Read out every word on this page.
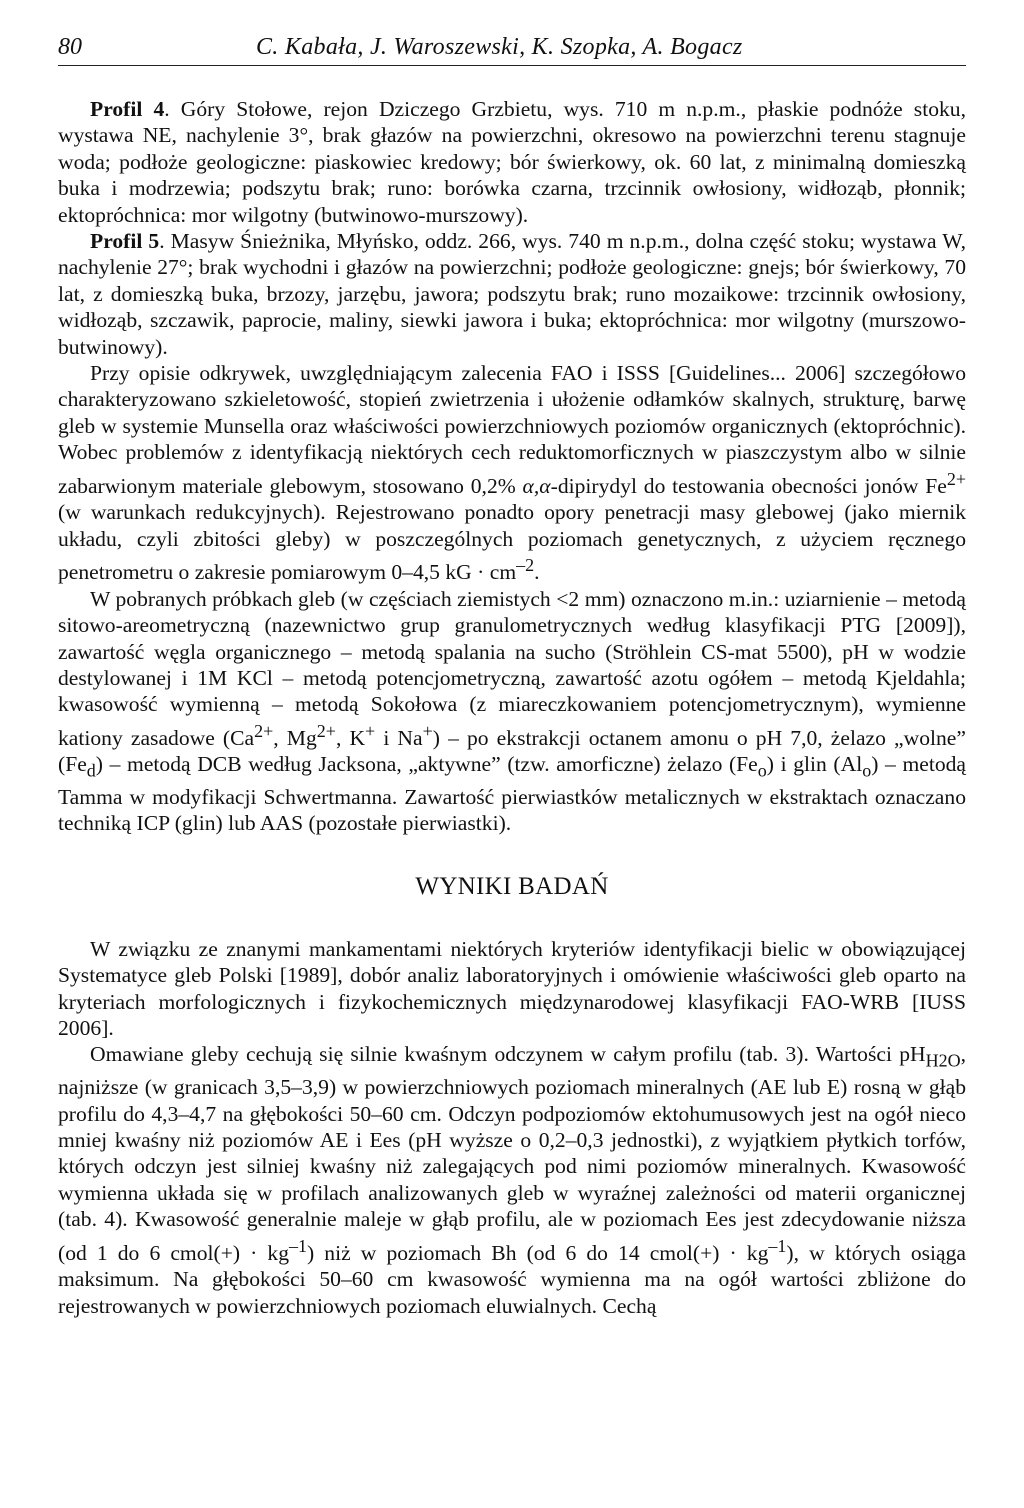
80	C. Kabała, J. Waroszewski, K. Szopka, A. Bogacz

Profil 4. Góry Stołowe, rejon Dziczego Grzbietu, wys. 710 m n.p.m., płaskie podnóże stoku, wystawa NE, nachylenie 3°, brak głazów na powierzchni, okresowo na powierzchni terenu stagnuje woda; podłoże geologiczne: piaskowiec kredowy; bór świerkowy, ok. 60 lat, z minimalną domieszką buka i modrzewia; podszytu brak; runo: borówka czarna, trzcinnik owłosiony, widłoząb, płonnik; ektopróchnica: mor wilgotny (butwinowo-murszowy).

Profil 5. Masyw Śnieżnika, Młyńsko, oddz. 266, wys. 740 m n.p.m., dolna część stoku; wystawa W, nachylenie 27°; brak wychodni i głazów na powierzchni; podłoże geologiczne: gnejs; bór świerkowy, 70 lat, z domieszką buka, brzozy, jarzębu, jawora; podszytu brak; runo mozaikowe: trzcinnik owłosiony, widłoząb, szczawik, paprocie, maliny, siewki jawora i buka; ektopróchnica: mor wilgotny (murszowo-butwinowy).

Przy opisie odkrywek, uwzględniającym zalecenia FAO i ISSS [Guidelines... 2006] szczegółowo charakteryzowano szkieletowość, stopień zwietrzenia i ułożenie odłamków skalnych, strukturę, barwę gleb w systemie Munsella oraz właściwości powierzchniowych poziomów organicznych (ektopróchnic). Wobec problemów z identyfikacją niektórych cech reduktomorficznych w piaszczystym albo w silnie zabarwionym materiale glebowym, stosowano 0,2% α,α-dipirydyl do testowania obecności jonów $Fe^{2+}$ (w warunkach redukcyjnych). Rejestrowano ponadto opory penetracji masy glebowej (jako miernik układu, czyli zbitości gleby) w poszczególnych poziomach genetycznych, z użyciem ręcznego penetrometru o zakresie pomiarowym 0–4,5 kG · $cm^{-2}$.

W pobranych próbkach gleb (w częściach ziemistych <2 mm) oznaczono m.in.: uziarnienie – metodą sitowo-areometryczną (nazewnictwo grup granulometrycznych według klasyfikacji PTG [2009]), zawartość węgla organicznego – metodą spalania na sucho (Ströhlein CS-mat 5500), pH w wodzie destylowanej i 1M KCl – metodą potencjometryczną, zawartość azotu ogółem – metodą Kjeldahla; kwasowość wymienną – metodą Sokołowa (z miareczkowaniem potencjometrycznym), wymienne kationy zasadowe ($Ca^{2+}$, $Mg^{2+}$, K+ i Na+) – po ekstrakcji octanem amonu o pH 7,0, żelazo „wolne” $(Fe_d)$ – metodą DCB według Jacksona, „aktywne” (tzw. amorficzne) żelazo $(Fe_o)$ i glin $(Al_o)$ – metodą Tamma w modyfikacji Schwertmanna. Zawartość pierwiastków metalicznych w ekstraktach oznaczano techniką ICP (glin) lub AAS (pozostałe pierwiastki).

WYNIKI BADAŃ

W związku ze znanymi mankamentami niektórych kryteriów identyfikacji bielic w obowiązującej Systematyce gleb Polski [1989], dobór analiz laboratoryjnych i omówienie właściwości gleb oparto na kryteriach morfologicznych i fizykochemicznych międzynarodowej klasyfikacji FAO-WRB [IUSS 2006].

Omawiane gleby cechują się silnie kwaśnym odczynem w całym profilu (tab. 3). Wartości $pH_{H2O}$, najniższe (w granicach 3,5–3,9) w powierzchniowych poziomach mineralnych (AE lub E) rosną w głąb profilu do 4,3–4,7 na głębokości 50–60 cm. Odczyn podpoziomów ektohumusowych jest na ogół nieco mniej kwaśny niż poziomów AE i Ees (pH wyższe o 0,2–0,3 jednostki), z wyjątkiem płytkich torfów, których odczyn jest silniej kwaśny niż zalegających pod nimi poziomów mineralnych. Kwasowość wymienna układa się w profilach analizowanych gleb w wyraźnej zależności od materii organicznej (tab. 4). Kwasowość generalnie maleje w głąb profilu, ale w poziomach Ees jest zdecydowanie niższa (od 1 do 6 cmol(+) · $kg^{-1}$) niż w poziomach Bh (od 6 do 14 cmol(+) · $kg^{-1}$), w których osiąga maksimum. Na głębokości 50–60 cm kwasowość wymienna ma na ogół wartości zbliżone do rejestrowanych w powierzchniowych poziomach eluwialnych. Cechą
